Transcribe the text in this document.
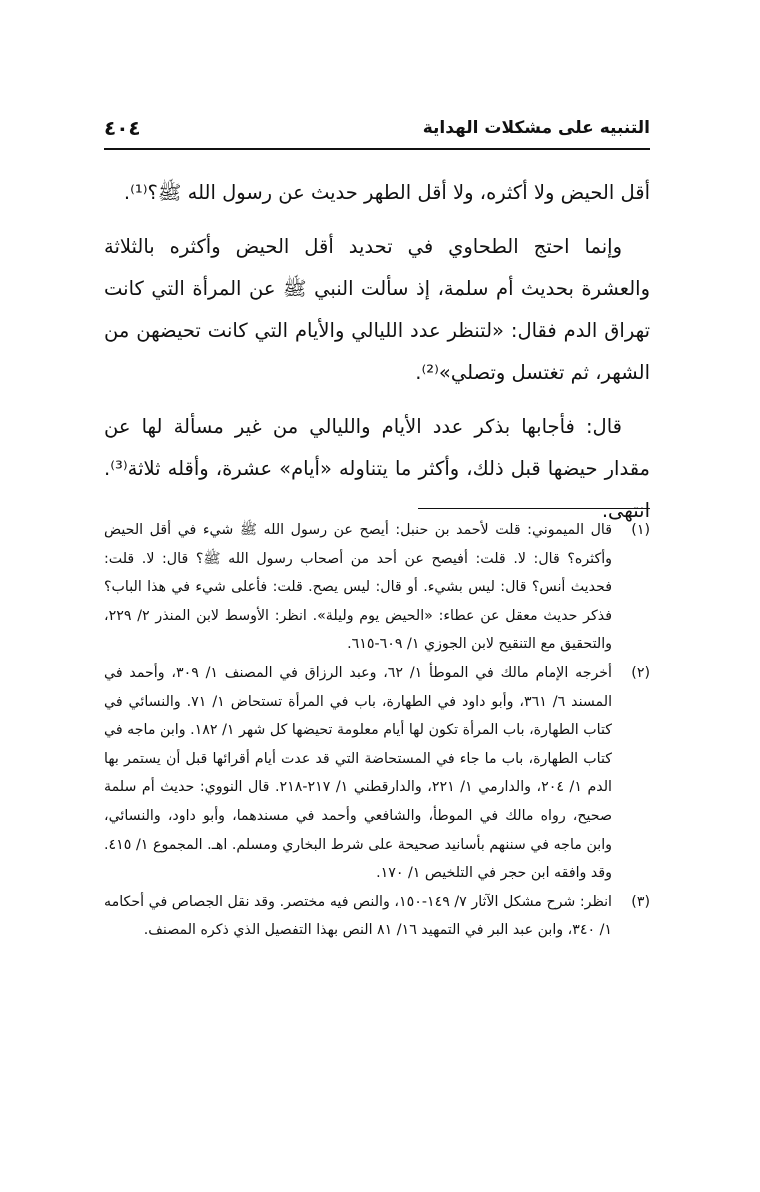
التنبيه على مشكلات الهداية
٤٠٤

أقل الحيض ولا أكثره، ولا أقل الطهر حديث عن رسول الله ﷺ؟⁽¹⁾.

وإنما احتج الطحاوي في تحديد أقل الحيض وأكثره بالثلاثة والعشرة بحديث أم سلمة، إذ سألت النبي ﷺ عن المرأة التي كانت تهراق الدم فقال: «لتنظر عدد الليالي والأيام التي كانت تحيضهن من الشهر، ثم تغتسل وتصلي»⁽²⁾.

قال: فأجابها بذكر عدد الأيام والليالي من غير مسألة لها عن مقدار حيضها قبل ذلك، وأكثر ما يتناوله «أيام» عشرة، وأقله ثلاثة⁽³⁾. انتهى.

(١)
قال الميموني: قلت لأحمد بن حنبل: أيصح عن رسول الله ﷺ شيء في أقل الحيض وأكثره؟ قال: لا. قلت: أفيصح عن أحد من أصحاب رسول الله ﷺ؟ قال: لا. قلت: فحديث أنس؟ قال: ليس بشيء. أو قال: ليس يصح. قلت: فأعلى شيء في هذا الباب؟ فذكر حديث معقل عن عطاء: «الحيض يوم وليلة». انظر: الأوسط لابن المنذر ٢/ ٢٢٩، والتحقيق مع التنقيح لابن الجوزي ١/ ٦٠٩-٦١٥.
(٢)
أخرجه الإمام مالك في الموطأ ١/ ٦٢، وعبد الرزاق في المصنف ١/ ٣٠٩، وأحمد في المسند ٦/ ٣٦١، وأبو داود في الطهارة، باب في المرأة تستحاض ١/ ٧١. والنسائي في كتاب الطهارة، باب المرأة تكون لها أيام معلومة تحيضها كل شهر ١/ ١٨٢. وابن ماجه في كتاب الطهارة، باب ما جاء في المستحاضة التي قد عدت أيام أقرائها قبل أن يستمر بها الدم ١/ ٢٠٤، والدارمي ١/ ٢٢١، والدارقطني ١/ ٢١٧-٢١٨. قال النووي: حديث أم سلمة صحيح، رواه مالك في الموطأ، والشافعي وأحمد في مسندهما، وأبو داود، والنسائي، وابن ماجه في سننهم بأسانيد صحيحة على شرط البخاري ومسلم. اهـ. المجموع ١/ ٤١٥. وقد وافقه ابن حجر في التلخيص ١/ ١٧٠.
(٣)
انظر: شرح مشكل الآثار ٧/ ١٤٩-١٥٠، والنص فيه مختصر. وقد نقل الجصاص في أحكامه ١/ ٣٤٠، وابن عبد البر في التمهيد ١٦/ ٨١ النص بهذا التفصيل الذي ذكره المصنف.
